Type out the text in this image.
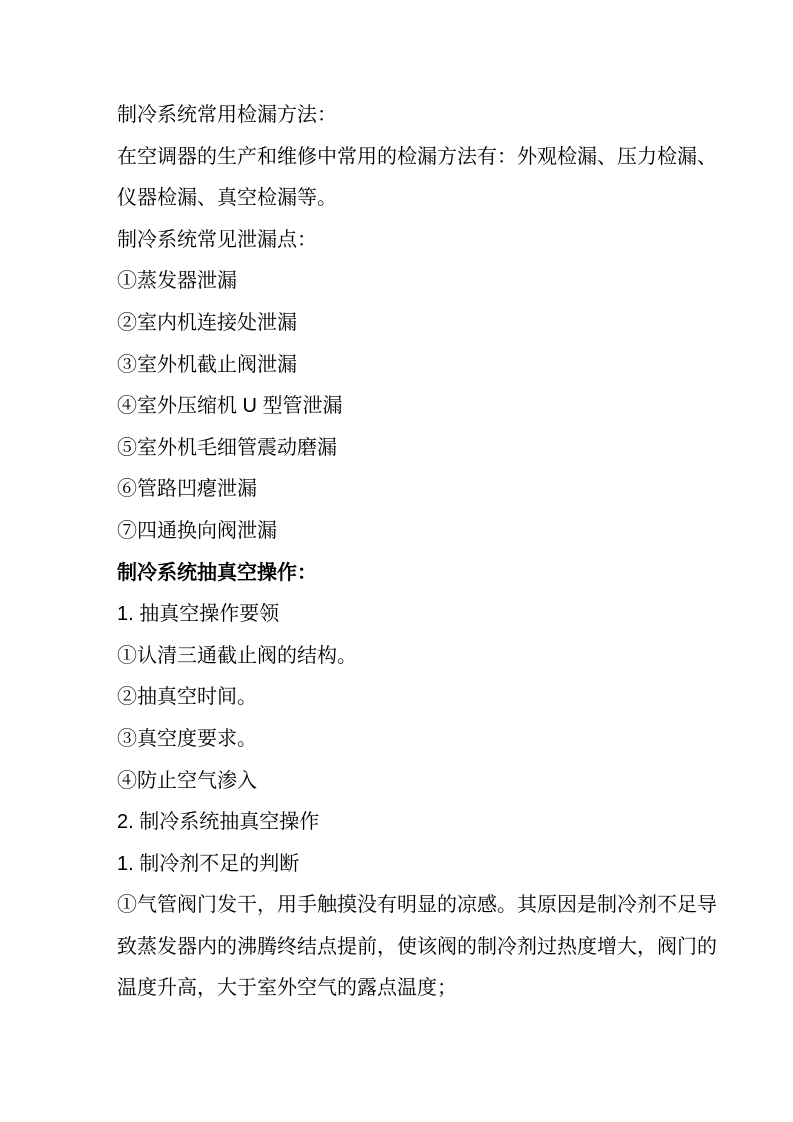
制冷系统常用检漏方法：

在空调器的生产和维修中常用的检漏方法有：外观检漏、压力检漏、仪器检漏、真空检漏等。

制冷系统常见泄漏点：

①蒸发器泄漏

②室内机连接处泄漏

③室外机截止阀泄漏

④室外压缩机 U 型管泄漏

⑤室外机毛细管震动磨漏

⑥管路凹瘪泄漏

⑦四通换向阀泄漏

制冷系统抽真空操作：

1. 抽真空操作要领

①认清三通截止阀的结构。

②抽真空时间。

③真空度要求。

④防止空气渗入

2. 制冷系统抽真空操作

1. 制冷剂不足的判断

①气管阀门发干，用手触摸没有明显的凉感。其原因是制冷剂不足导致蒸发器内的沸腾终结点提前，使该阀的制冷剂过热度增大，阀门的温度升高，大于室外空气的露点温度；
